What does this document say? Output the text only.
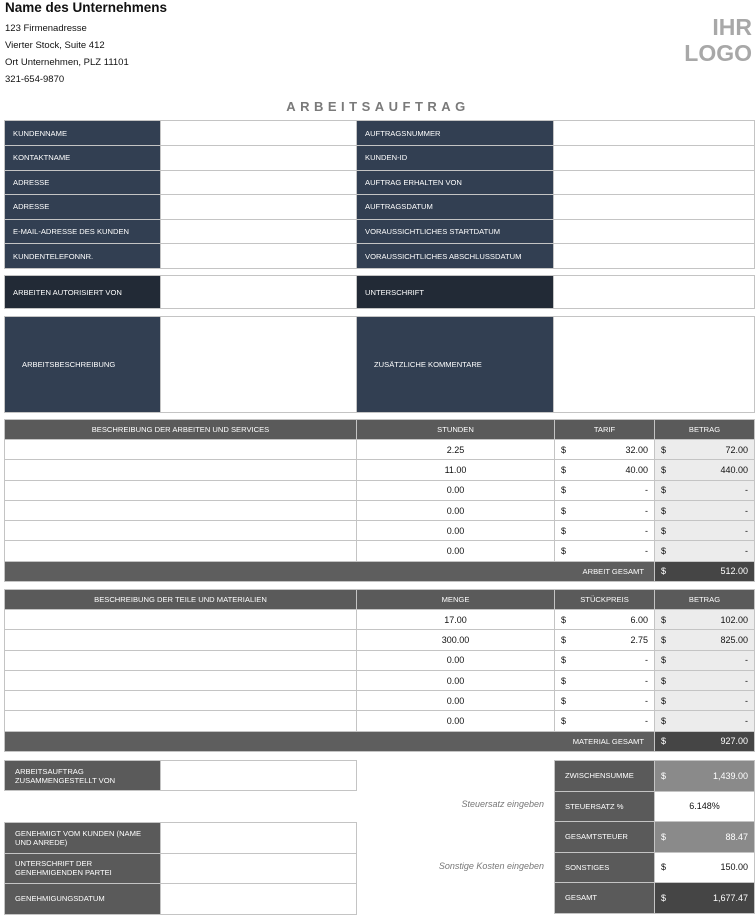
Name des Unternehmens
123 Firmenadresse
Vierter Stock, Suite 412
Ort Unternehmen, PLZ 11101
321-654-9870
IHR
LOGO
ARBEITSAUFTRAG
KUNDENNAME		AUFTRAGSNUMMER	
KONTAKTNAME		KUNDEN-ID	
ADRESSE		AUFTRAG ERHALTEN VON	
ADRESSE		AUFTRAGSDATUM	
E-MAIL-ADRESSE DES KUNDEN		VORAUSSICHTLICHES STARTDATUM	
KUNDENTELEFONNR.		VORAUSSICHTLICHES ABSCHLUSSDATUM	
ARBEITEN AUTORISIERT VON		UNTERSCHRIFT	
ARBEITSBESCHREIBUNG		ZUSÄTZLICHE KOMMENTARE	
BESCHREIBUNG DER ARBEITEN UND SERVICES	STUNDEN	TARIF	BETRAG
	2.25	$ 32.00	$ 72.00

	11.00	$ 40.00	$ 440.00

	0.00	$ -	$ -

	0.00	$ -	$ -

	0.00	$ -	$ -

	0.00	$ -	$ -

ARBEIT GESAMT			$ 512.00
BESCHREIBUNG DER TEILE UND MATERIALIEN	MENGE	STÜCKPREIS	BETRAG
	17.00	$ 6.00	$ 102.00

	300.00	$ 2.75	$ 825.00

	0.00	$ -	$ -

	0.00	$ -	$ -

	0.00	$ -	$ -

	0.00	$ -	$ -

MATERIAL GESAMT			$ 927.00
ARBEITSAUFTRAG ZUSAMMENGESTELLT VON	
GENEHMIGT VOM KUNDEN (NAME UND ANREDE)	
UNTERSCHRIFT DER GENEHMIGENDEN PARTEI	
GENEHMIGUNGSDATUM	
Steuersatz eingeben
Sonstige Kosten eingeben
ZWISCHENSUMME	$ 1,439.00

STEUERSATZ %	6.148%
GESAMTSTEUER	$ 88.47

SONSTIGES	$ 150.00

GESAMT	$ 1,677.47
